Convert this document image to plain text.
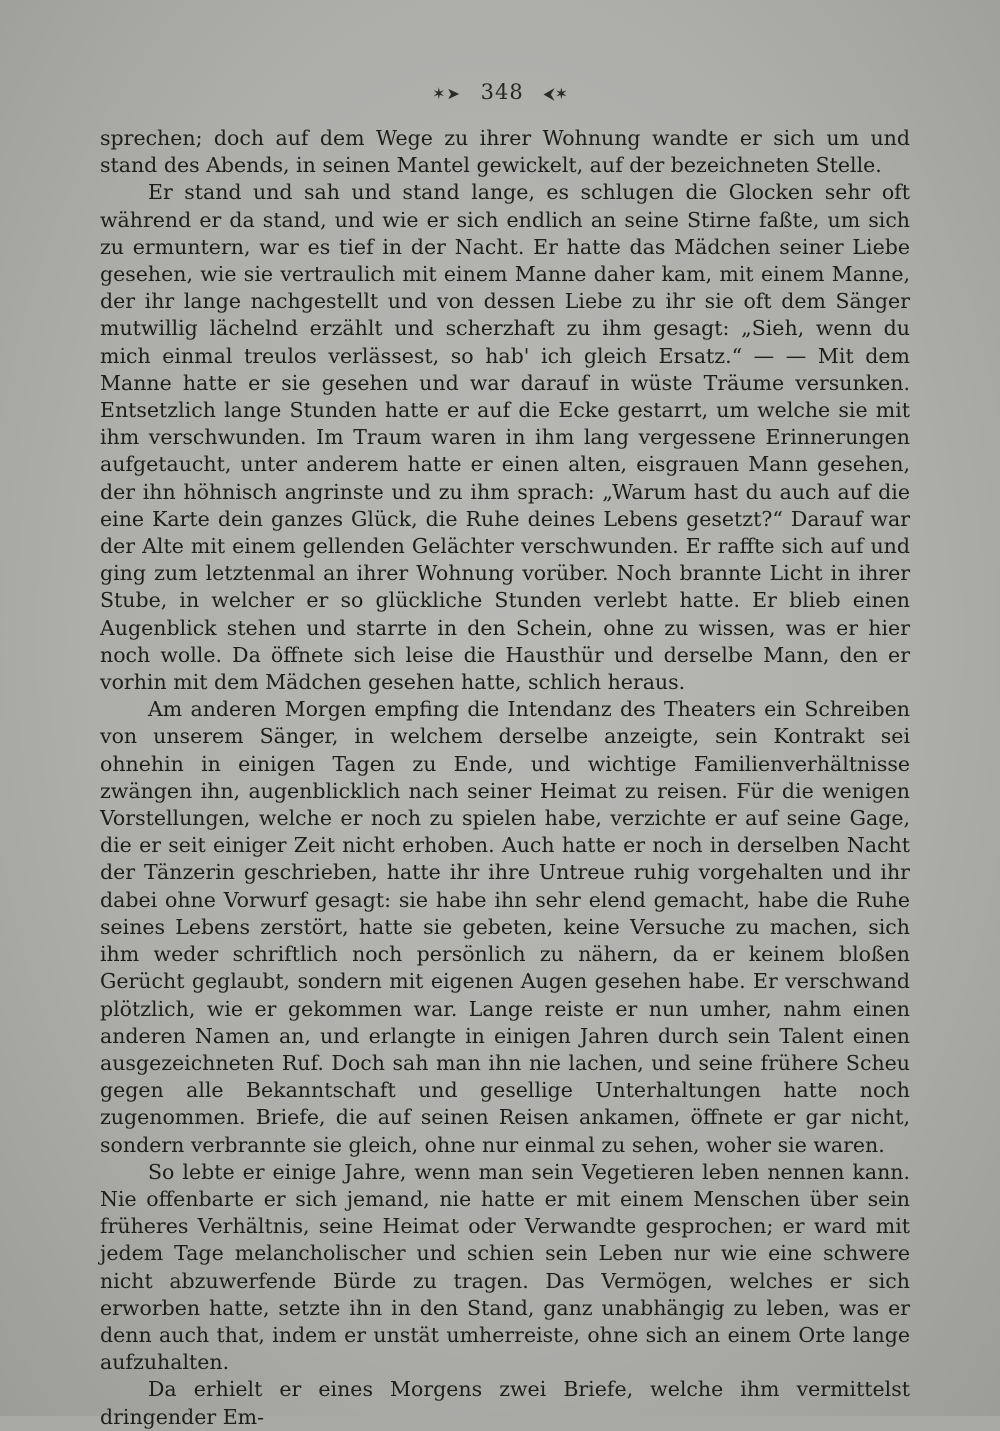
✶➤ 348 ⮜✶

sprechen; doch auf dem Wege zu ihrer Wohnung wandte er sich um und stand des Abends, in seinen Mantel gewickelt, auf der bezeichneten Stelle.

Er stand und sah und stand lange, es schlugen die Glocken sehr oft während er da stand, und wie er sich endlich an seine Stirne faßte, um sich zu ermuntern, war es tief in der Nacht. Er hatte das Mädchen seiner Liebe gesehen, wie sie vertraulich mit einem Manne daher kam, mit einem Manne, der ihr lange nachgestellt und von dessen Liebe zu ihr sie oft dem Sänger mutwillig lächelnd erzählt und scherzhaft zu ihm gesagt: „Sieh, wenn du mich einmal treulos verlässest, so hab' ich gleich Ersatz.“ — — Mit dem Manne hatte er sie gesehen und war darauf in wüste Träume versunken. Entsetzlich lange Stunden hatte er auf die Ecke gestarrt, um welche sie mit ihm verschwunden. Im Traum waren in ihm lang vergessene Erinnerungen aufgetaucht, unter anderem hatte er einen alten, eisgrauen Mann gesehen, der ihn höhnisch angrinste und zu ihm sprach: „Warum hast du auch auf die eine Karte dein ganzes Glück, die Ruhe deines Lebens gesetzt?“ Darauf war der Alte mit einem gellenden Gelächter verschwunden. Er raffte sich auf und ging zum letztenmal an ihrer Wohnung vorüber. Noch brannte Licht in ihrer Stube, in welcher er so glückliche Stunden verlebt hatte. Er blieb einen Augenblick stehen und starrte in den Schein, ohne zu wissen, was er hier noch wolle. Da öffnete sich leise die Hausthür und derselbe Mann, den er vorhin mit dem Mädchen gesehen hatte, schlich heraus.

Am anderen Morgen empfing die Intendanz des Theaters ein Schreiben von unserem Sänger, in welchem derselbe anzeigte, sein Kontrakt sei ohnehin in einigen Tagen zu Ende, und wichtige Familienverhältnisse zwängen ihn, augenblicklich nach seiner Heimat zu reisen. Für die wenigen Vorstellungen, welche er noch zu spielen habe, verzichte er auf seine Gage, die er seit einiger Zeit nicht erhoben. Auch hatte er noch in derselben Nacht der Tänzerin geschrieben, hatte ihr ihre Untreue ruhig vorgehalten und ihr dabei ohne Vorwurf gesagt: sie habe ihn sehr elend gemacht, habe die Ruhe seines Lebens zerstört, hatte sie gebeten, keine Versuche zu machen, sich ihm weder schriftlich noch persönlich zu nähern, da er keinem bloßen Gerücht geglaubt, sondern mit eigenen Augen gesehen habe. Er verschwand plötzlich, wie er gekommen war. Lange reiste er nun umher, nahm einen anderen Namen an, und erlangte in einigen Jahren durch sein Talent einen ausgezeichneten Ruf. Doch sah man ihn nie lachen, und seine frühere Scheu gegen alle Bekanntschaft und gesellige Unterhaltungen hatte noch zugenommen. Briefe, die auf seinen Reisen ankamen, öffnete er gar nicht, sondern verbrannte sie gleich, ohne nur einmal zu sehen, woher sie waren.

So lebte er einige Jahre, wenn man sein Vegetieren leben nennen kann. Nie offenbarte er sich jemand, nie hatte er mit einem Menschen über sein früheres Verhältnis, seine Heimat oder Verwandte gesprochen; er ward mit jedem Tage melancholischer und schien sein Leben nur wie eine schwere nicht abzuwerfende Bürde zu tragen. Das Vermögen, welches er sich erworben hatte, setzte ihn in den Stand, ganz unabhängig zu leben, was er denn auch that, indem er unstät umherreiste, ohne sich an einem Orte lange aufzuhalten.

Da erhielt er eines Morgens zwei Briefe, welche ihm vermittelst dringender Em-
